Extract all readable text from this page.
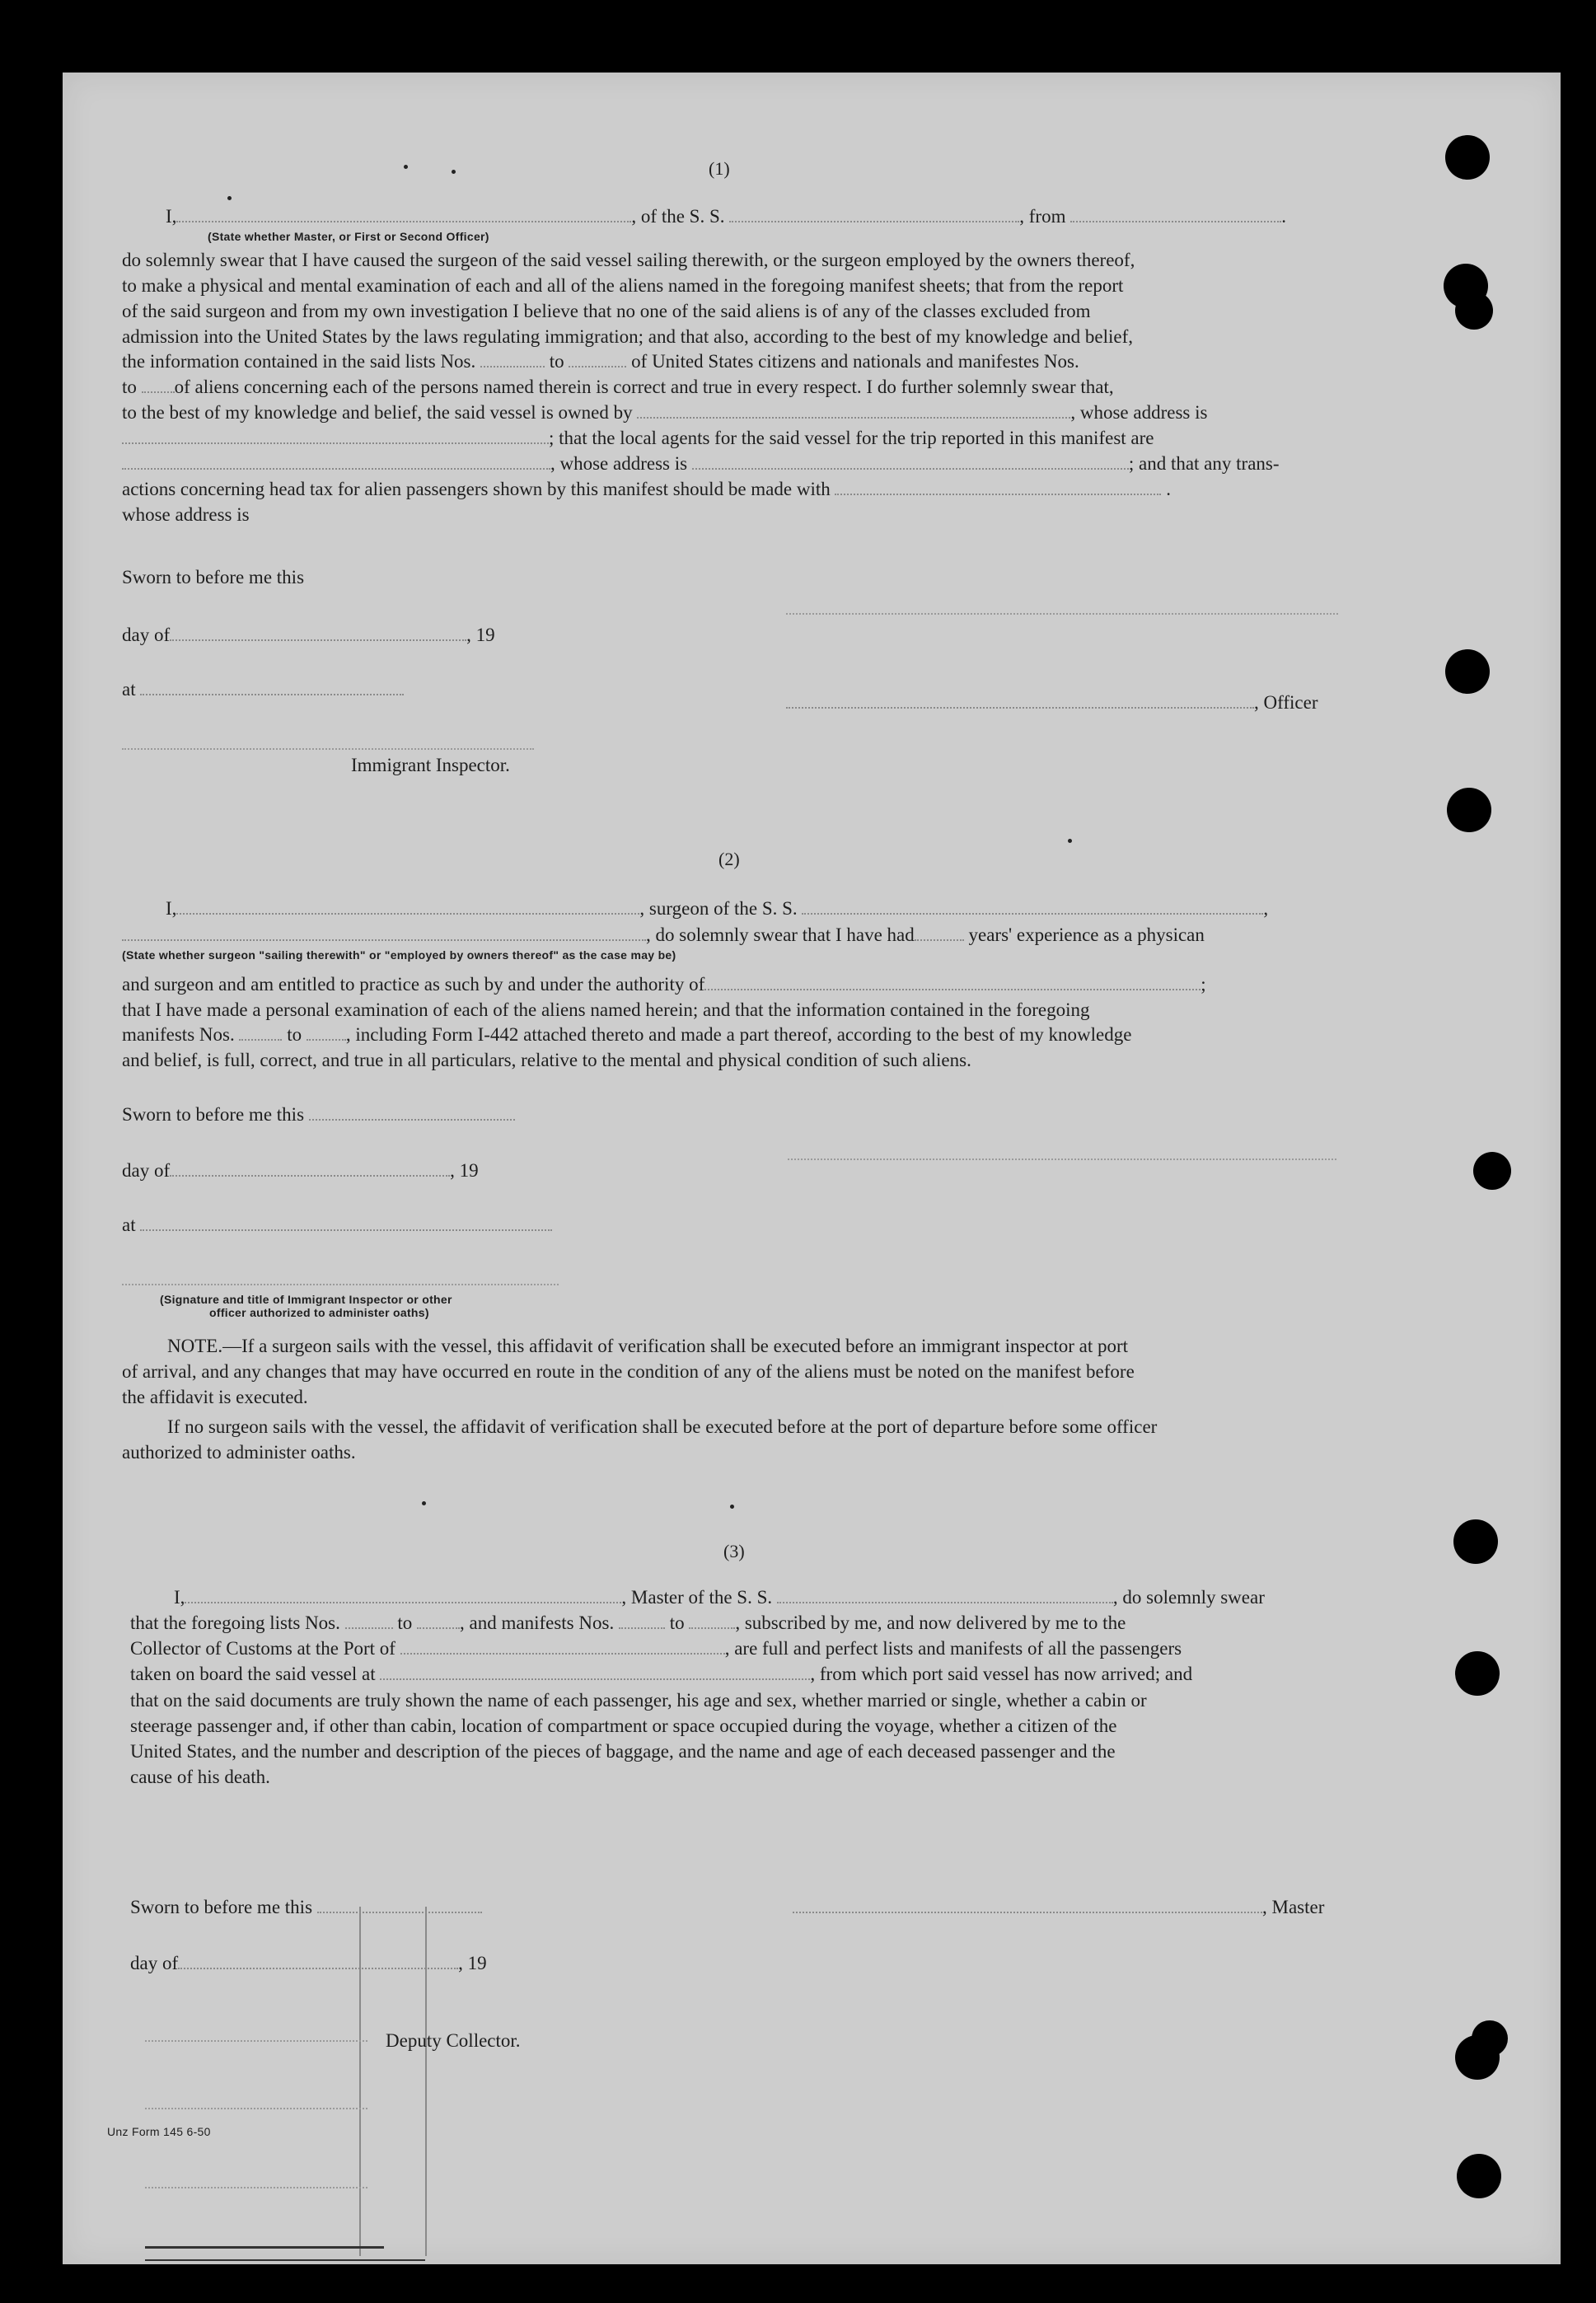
(1)
I,	, of the S. S.	, from	.
(State whether Master, or First or Second Officer)
do solemnly swear that I have caused the surgeon of the said vessel sailing therewith, or the surgeon employed by the owners thereof,
to make a physical and mental examination of each and all of the aliens named in the foregoing manifest sheets; that from the report
of the said surgeon and from my own investigation I believe that no one of the said aliens is of any of the classes excluded from
admission into the United States by the laws regulating immigration; and that also, according to the best of my knowledge and belief,
the information contained in the said lists Nos.	to	of United States citizens and nationals and manifestes Nos.
to of aliens concerning each of the persons named therein is correct and true in every respect. I do further solemnly swear that,
to the best of my knowledge and belief, the said vessel is owned by	, whose address is
; that the local agents for the said vessel for the trip reported in this manifest are
, whose address is	; and that any trans-
actions concerning head tax for alien passengers shown by this manifest should be made with	.
whose address is
Sworn to before me this
day of	, 19
at
, Officer
Immigrant Inspector.
(2)
I,	, surgeon of the S. S.	,
, do solemnly swear that I have had	years' experience as a physican
(State whether surgeon "sailing therewith" or "employed by owners thereof" as the case may be)
and surgeon and am entitled to practice as such by and under the authority of	;
that I have made a personal examination of each of the aliens named herein; and that the information contained in the foregoing
manifests Nos.	to , including Form I-442 attached thereto and made a part thereof, according to the best of my knowledge
and belief, is full, correct, and true in all particulars, relative to the mental and physical condition of such aliens.
Sworn to before me this
day of	, 19
at
(Signature and title of Immigrant Inspector or other
officer authorized to administer oaths)
NOTE.—If a surgeon sails with the vessel, this affidavit of verification shall be executed before an immigrant inspector at port
of arrival, and any changes that may have occurred en route in the condition of any of the aliens must be noted on the manifest before
the affidavit is executed.
If no surgeon sails with the vessel, the affidavit of verification shall be executed before at the port of departure before some officer
authorized to administer oaths.
(3)
I,	, Master of the S. S.	, do solemnly swear
that the foregoing lists Nos.	to	, and manifests Nos.	to	, subscribed by me, and now delivered by me to the
Collector of Customs at the Port of	, are full and perfect lists and manifests of all the passengers
taken on board the said vessel at	, from which port said vessel has now arrived; and
that on the said documents are truly shown the name of each passenger, his age and sex, whether married or single, whether a cabin or
steerage passenger and, if other than cabin, location of compartment or space occupied during the voyage, whether a citizen of the
United States, and the number and description of the pieces of baggage, and the name and age of each deceased passenger and the
cause of his death.
Sworn to before me this	, Master
day of	, 19
Deputy Collector.
Unz Form 145 6-50
